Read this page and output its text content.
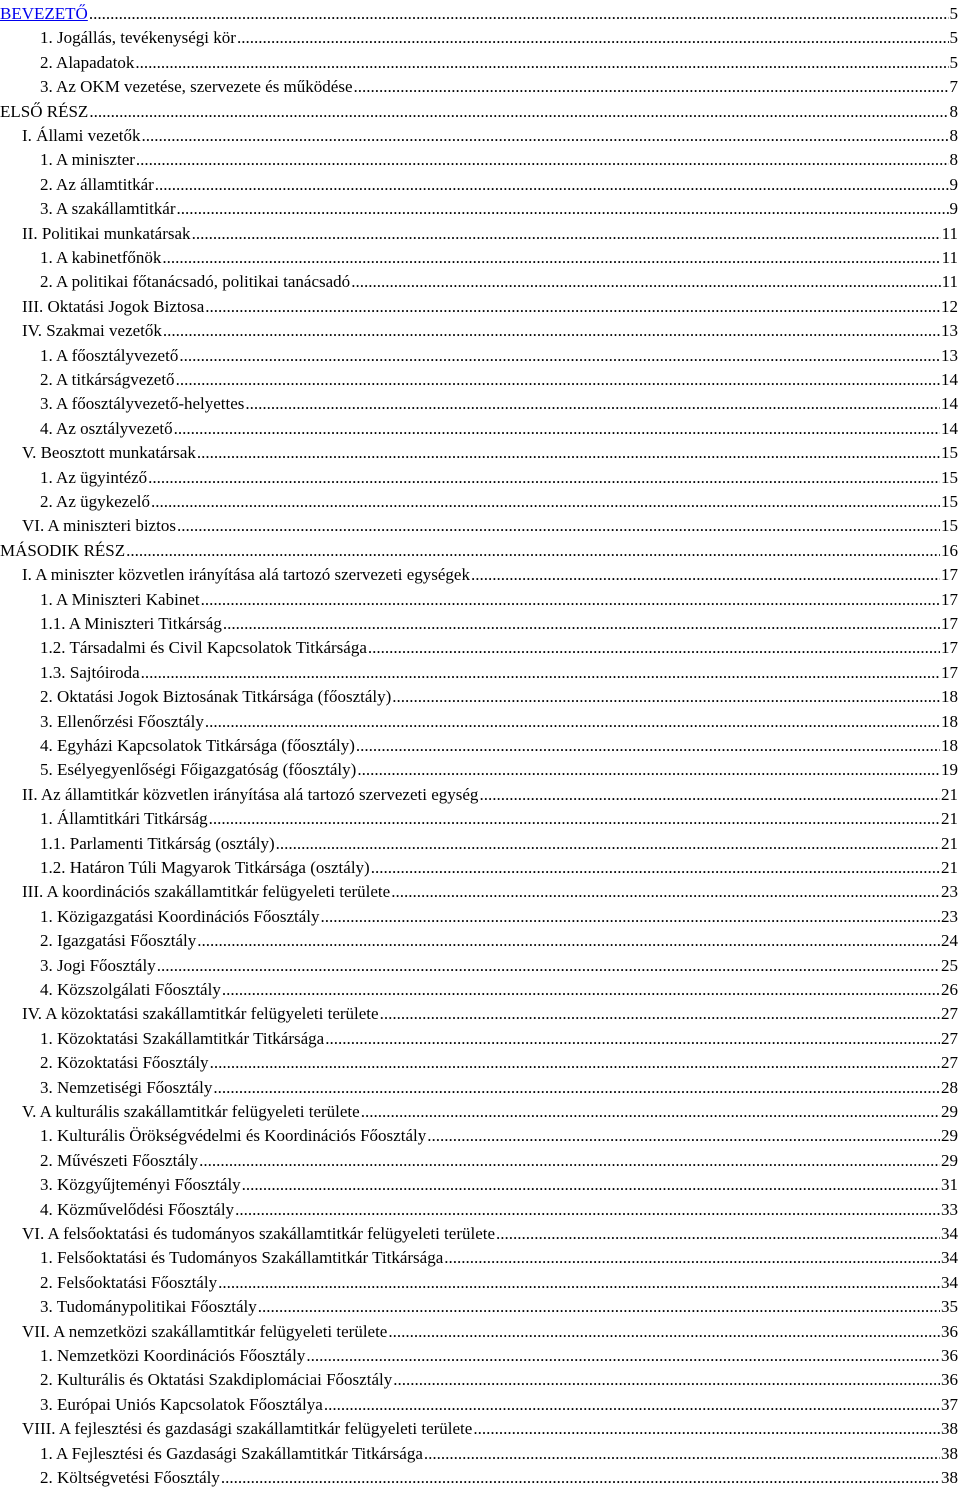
BEVEZETŐ .....	5
1. Jogállás, tevékenységi kör .....	5
2. Alapadatok .....	5
3. Az OKM vezetése, szervezete és működése .....	7
ELSŐ RÉSZ .....	8
I. Állami vezetők .....	8
1. A miniszter .....	8
2. Az államtitkár .....	9
3. A szakállamtitkár .....	9
II. Politikai munkatársak .....	11
1. A kabinetfőnök .....	11
2. A politikai főtanácsadó, politikai tanácsadó .....	11
III. Oktatási Jogok Biztosa .....	12
IV. Szakmai vezetők .....	13
1. A főosztályvezető .....	13
2. A titkárságvezető .....	14
3. A főosztályvezető-helyettes .....	14
4. Az osztályvezető .....	14
V. Beosztott munkatársak .....	15
1. Az ügyintéző .....	15
2. Az ügykezelő .....	15
VI. A miniszteri biztos .....	15
MÁSODIK RÉSZ .....	16
I. A miniszter közvetlen irányítása alá tartozó szervezeti egységek .....	17
1. A Miniszteri Kabinet .....	17
1.1. A Miniszteri Titkárság .....	17
1.2. Társadalmi és Civil Kapcsolatok Titkársága .....	17
1.3. Sajtóiroda .....	17
2. Oktatási Jogok Biztosának Titkársága (főosztály) .....	18
3. Ellenőrzési Főosztály .....	18
4. Egyházi Kapcsolatok Titkársága (főosztály) .....	18
5. Esélyegyenlőségi Főigazgatóság (főosztály) .....	19
II. Az államtitkár közvetlen irányítása alá tartozó szervezeti egység .....	21
1. Államtitkári Titkárság .....	21
1.1. Parlamenti Titkárság (osztály) .....	21
1.2. Határon Túli Magyarok Titkársága (osztály) .....	21
III. A koordinációs szakállamtitkár felügyeleti területe .....	23
1. Közigazgatási Koordinációs Főosztály .....	23
2. Igazgatási Főosztály .....	24
3. Jogi Főosztály .....	25
4. Közszolgálati Főosztály .....	26
IV. A közoktatási szakállamtitkár felügyeleti területe .....	27
1. Közoktatási Szakállamtitkár Titkársága .....	27
2. Közoktatási Főosztály .....	27
3. Nemzetiségi Főosztály .....	28
V. A kulturális szakállamtitkár felügyeleti területe .....	29
1. Kulturális Örökségvédelmi és Koordinációs Főosztály .....	29
2. Művészeti Főosztály .....	29
3. Közgyűjteményi Főosztály .....	31
4. Közművelődési Főosztály .....	33
VI. A felsőoktatási és tudományos szakállamtitkár felügyeleti területe .....	34
1. Felsőoktatási és Tudományos Szakállamtitkár Titkársága .....	34
2. Felsőoktatási Főosztály .....	34
3. Tudománypolitikai Főosztály .....	35
VII. A nemzetközi szakállamtitkár felügyeleti területe .....	36
1. Nemzetközi Koordinációs Főosztály .....	36
2. Kulturális és Oktatási Szakdiplomáciai Főosztály .....	36
3. Európai Uniós Kapcsolatok Főosztálya .....	37
VIII. A fejlesztési és gazdasági szakállamtitkár felügyeleti területe .....	38
1. A Fejlesztési és Gazdasági Szakállamtitkár Titkársága .....	38
2. Költségvetési Főosztály .....	38
